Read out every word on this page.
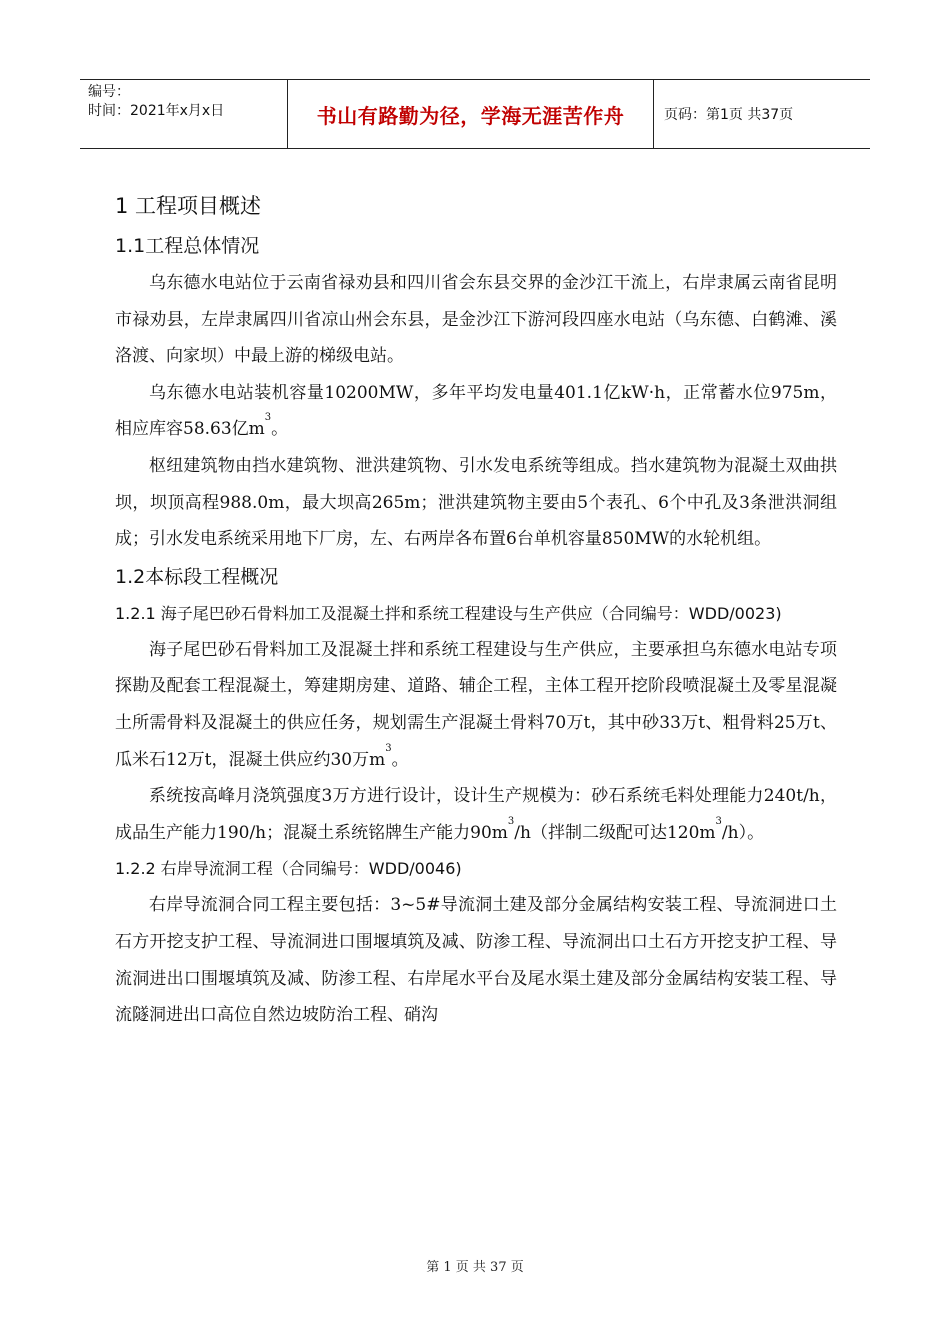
编号：
时间：2021年x月x日	书山有路勤为径，学海无涯苦作舟	页码：第1页 共37页
1 工程项目概述
1.1工程总体情况

乌东德水电站位于云南省禄劝县和四川省会东县交界的金沙江干流上，右岸隶属云南省昆明市禄劝县，左岸隶属四川省凉山州会东县，是金沙江下游河段四座水电站（乌东德、白鹤滩、溪洛渡、向家坝）中最上游的梯级电站。

乌东德水电站装机容量10200MW，多年平均发电量401.1亿kW·h，正常蓄水位975m，相应库容58.63亿$m^3$。

枢纽建筑物由挡水建筑物、泄洪建筑物、引水发电系统等组成。挡水建筑物为混凝土双曲拱坝，坝顶高程988.0m，最大坝高265m；泄洪建筑物主要由5个表孔、6个中孔及3条泄洪洞组成；引水发电系统采用地下厂房，左、右两岸各布置6台单机容量850MW的水轮机组。

1.2本标段工程概况
1.2.1 海子尾巴砂石骨料加工及混凝土拌和系统工程建设与生产供应（合同编号：WDD/0023)

海子尾巴砂石骨料加工及混凝土拌和系统工程建设与生产供应，主要承担乌东德水电站专项探勘及配套工程混凝土，筹建期房建、道路、辅企工程，主体工程开挖阶段喷混凝土及零星混凝土所需骨料及混凝土的供应任务，规划需生产混凝土骨料70万t，其中砂33万t、粗骨料25万t、瓜米石12万t，混凝土供应约30万$m^3$。

系统按高峰月浇筑强度3万方进行设计，设计生产规模为：砂石系统毛料处理能力240t/h，成品生产能力190/h；混凝土系统铭牌生产能力$90m^3/h$（拌制二级配可达$120m^3/h$）。

1.2.2 右岸导流洞工程（合同编号：WDD/0046)

右岸导流洞合同工程主要包括：3~5#导流洞土建及部分金属结构安装工程、导流洞进口土石方开挖支护工程、导流洞进口围堰填筑及减、防渗工程、导流洞出口土石方开挖支护工程、导流洞进出口围堰填筑及减、防渗工程、右岸尾水平台及尾水渠土建及部分金属结构安装工程、导流隧洞进出口高位自然边坡防治工程、硝沟

第 1 页 共 37 页
